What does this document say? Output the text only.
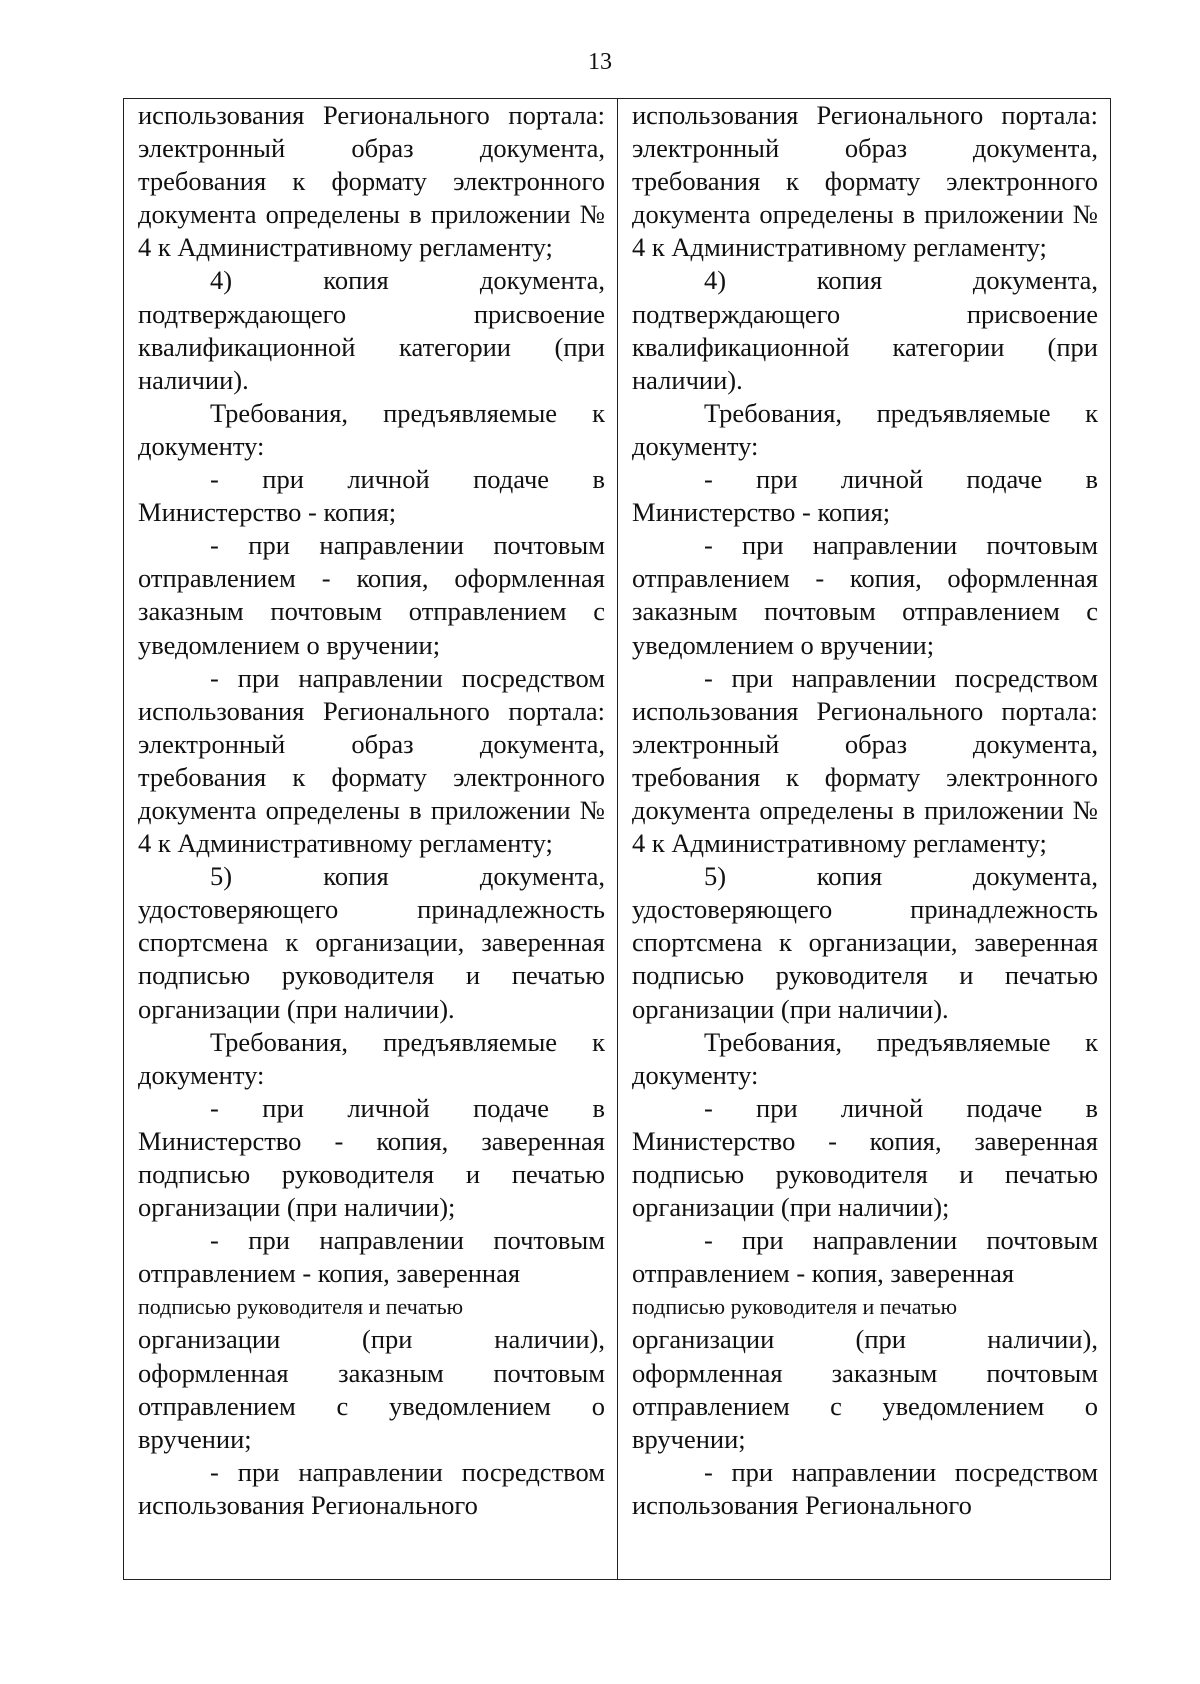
13

использования Регионального портала: электронный образ документа, требования к формату электронного документа определены в приложении № 4 к Административному регламенту;

4) копия документа, подтверждающего присвоение квалификационной категории (при наличии).

Требования, предъявляемые к документу:

- при личной подаче в Министерство - копия;

- при направлении почтовым отправлением - копия, оформленная заказным почтовым отправлением с уведомлением о вручении;

- при направлении посредством использования Регионального портала: электронный образ документа, требования к формату электронного документа определены в приложении № 4 к Административному регламенту;

5) копия документа, удостоверяющего принадлежность спортсмена к организации, заверенная подписью руководителя и печатью организации (при наличии).

Требования, предъявляемые к документу:

- при личной подаче в Министерство - копия, заверенная подписью руководителя и печатью организации (при наличии);

- при направлении почтовым отправлением - копия, заверенная

подписью руководителя и печатью

организации (при наличии), оформленная заказным почтовым отправлением с уведомлением о вручении;

- при направлении посредством использования Регионального

использования Регионального портала: электронный образ документа, требования к формату электронного документа определены в приложении № 4 к Административному регламенту;

4) копия документа, подтверждающего присвоение квалификационной категории (при наличии).

Требования, предъявляемые к документу:

- при личной подаче в Министерство - копия;

- при направлении почтовым отправлением - копия, оформленная заказным почтовым отправлением с уведомлением о вручении;

- при направлении посредством использования Регионального портала: электронный образ документа, требования к формату электронного документа определены в приложении № 4 к Административному регламенту;

5) копия документа, удостоверяющего принадлежность спортсмена к организации, заверенная подписью руководителя и печатью организации (при наличии).

Требования, предъявляемые к документу:

- при личной подаче в Министерство - копия, заверенная подписью руководителя и печатью организации (при наличии);

- при направлении почтовым отправлением - копия, заверенная

подписью руководителя и печатью

организации (при наличии), оформленная заказным почтовым отправлением с уведомлением о вручении;

- при направлении посредством использования Регионального
